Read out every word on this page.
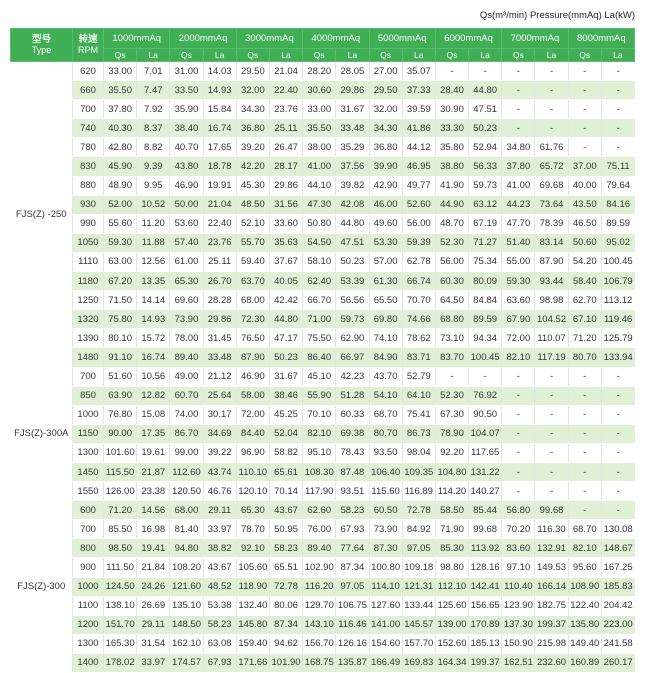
Qs(m³/min) Pressure(mmAq) La(kW)
型号
Type	转速
RPM	1000mmAq		2000mmAq		3000mmAq		4000mmAq		5000mmAq		6000mmAq		7000mmAq		8000mmAq	
		Qs	La	Qs	La	Qs	La	Qs	La	Qs	La	Qs	La	Qs	La	Qs	La
FJS(Z) -250	620	33.00	7.01	31.00	14.03	29.50	21.04	28.20	28.05	27.00	35.07	-	-	-	-	-	-
	660	35.50	7.47	33.50	14.93	32.00	22.40	30.60	29.86	29.50	37.33	28.40	44.80	-	-	-	-
	700	37.80	7.92	35.90	15.84	34.30	23.76	33.00	31.67	32.00	39.59	30.90	47.51	-	-	-	-
	740	40.30	8.37	38.40	16.74	36.80	25.11	35.50	33.48	34.30	41.86	33.30	50.23	-	-	-	-
	780	42.80	8.82	40.70	17.65	39.20	26.47	38.00	35.29	36.80	44.12	35.80	52.94	34.80	61.76	-	-
	830	45.90	9.39	43.80	18.78	42.20	28.17	41.00	37.56	39.90	46.95	38.80	56.33	37.80	65.72	37.00	75.11
	880	48.90	9.95	46.90	19.91	45.30	29.86	44.10	39.82	42.90	49.77	41.90	59.73	41.00	69.68	40.00	79.64
	930	52.00	10.52	50.00	21.04	48.50	31.56	47.30	42.08	46.00	52.60	44.90	63.12	44.23	73.64	43.50	84.16
	990	55.60	11.20	53.60	22.40	52.10	33.60	50.80	44.80	49.60	56.00	48.70	67.19	47.70	78.39	46.50	89.59
	1050	59.30	11.88	57.40	23.76	55.70	35.63	54.50	47.51	53.30	59.39	52.30	71.27	51.40	83.14	50.60	95.02
	1110	63.00	12.56	61.00	25.11	59.40	37.67	58.10	50.23	57.00	62.78	56.00	75.34	55.00	87.90	54.20	100.45
	1180	67.20	13.35	65.30	26.70	63.70	40.05	62.40	53.39	61.30	66.74	60.30	80.09	59.30	93.44	58.40	106.79
	1250	71.50	14.14	69.60	28.28	68.00	42.42	66.70	56.56	65.50	70.70	64.50	84.84	63.60	98.98	62.70	113.12
	1320	75.80	14.93	73.90	29.86	72.30	44.80	71.00	59.73	69.80	74.66	68.80	89.59	67.90	104.52	67.10	119.46
	1390	80.10	15.72	78.00	31.45	76.50	47.17	75.50	62.90	74.10	78.62	73.10	94.34	72.00	110.07	71.20	125.79
	1480	91.10	16.74	89.40	33.48	87.90	50.23	86.40	66.97	84.90	83.71	83.70	100.45	82.10	117.19	80.70	133.94
FJS(Z)-300A	700	51.60	10.56	49.00	21.12	46.90	31.67	45.10	42.23	43.70	52.79	-	-	-	-	-	-
	850	63.90	12.82	60.70	25.64	58.00	38.46	55.90	51.28	54.10	64.10	52.30	76.92	-	-	-	-
	1000	76.80	15.08	74.00	30.17	72.00	45.25	70.10	60.33	68.70	75.41	67.30	90.50	-	-	-	-
	1150	90.00	17.35	86.70	34.69	84.40	52.04	82.10	69.38	80.70	86.73	78.90	104.07	-	-	-	-
	1300	101.60	19.61	99.00	39.22	96.90	58.82	95.10	78.43	93.50	98.04	92.20	117.65	-	-	-	-
	1450	115.50	21.87	112.60	43.74	110.10	65.61	108.30	87.48	106.40	109.35	104.80	131.22	-	-	-	-
	1550	126.00	23.38	120.50	46.76	120.10	70.14	117.90	93.51	115.60	116.89	114.20	140.27	-	-	-	-
FJS(Z)-300	600	71.20	14.56	68.00	29.11	65.30	43.67	62.60	58.23	60.50	72.78	58.50	85.44	56.80	99.68	-	-
	700	85.50	16.98	81.40	33.97	78.70	50.95	76.00	67.93	73.90	84.92	71.90	99.68	70.20	116.30	68.70	130.08
	800	98.50	19.41	94.80	38.82	92.10	58.23	89.40	77.64	87.30	97.05	85.30	113.92	83.60	132.91	82.10	148.67
	900	111.50	21.84	108.20	43.67	105.60	65.51	102.90	87.34	100.80	109.18	98.80	128.16	97.10	149.53	95.60	167.25
	1000	124.50	24.26	121.60	48.52	118.90	72.78	116.20	97.05	114.10	121.31	112.10	142.41	110.40	166.14	108.90	185.83
	1100	138.10	26.69	135.10	53.38	132.40	80.06	129.70	106.75	127.60	133.44	125.60	156.65	123.90	182.75	122.40	204.42
	1200	151.70	29.11	148.50	58.23	145.80	87.34	143.10	116.46	141.00	145.57	139.00	170.89	137.30	199.37	135.80	223.00
	1300	165.30	31.54	162.10	63.08	159.40	94.62	156.70	126.16	154.60	157.70	152.60	185.13	150.90	215.98	149.40	241.58
	1400	178.02	33.97	174.57	67.93	171.66	101.90	168.75	135.87	166.49	169.83	164.34	199.37	162.51	232.60	160.89	260.17
